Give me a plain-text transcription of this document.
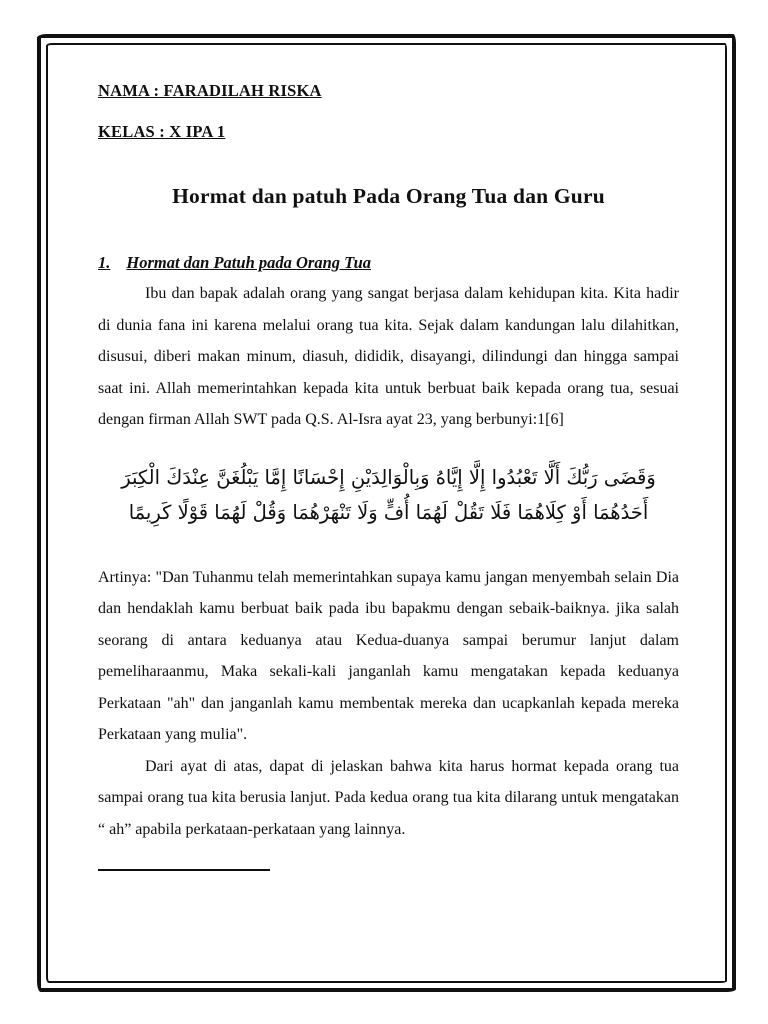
NAMA : FARADILAH RISKA

KELAS : X IPA 1

Hormat dan patuh Pada Orang Tua dan Guru
1. Hormat dan Patuh pada Orang Tua

Ibu dan bapak adalah orang yang sangat berjasa dalam kehidupan kita. Kita hadir di dunia fana ini karena melalui orang tua kita. Sejak dalam kandungan lalu dilahitkan, disusui, diberi makan minum, diasuh, dididik, disayangi, dilindungi dan hingga sampai saat ini. Allah memerintahkan kepada kita untuk berbuat baik kepada orang tua, sesuai dengan firman Allah SWT pada Q.S. Al-Isra ayat 23, yang berbunyi:1[6]

وَقَضَى رَبُّكَ أَلَّا تَعْبُدُوا إِلَّا إِيَّاهُ وَبِالْوَالِدَيْنِ إِحْسَانًا إِمَّا يَبْلُغَنَّ عِنْدَكَ الْكِبَرَ أَحَدُهُمَا أَوْ كِلَاهُمَا فَلَا تَقُلْ لَهُمَا أُفٍّ وَلَا تَنْهَرْهُمَا وَقُلْ لَهُمَا قَوْلًا كَرِيمًا

Artinya: "Dan Tuhanmu telah memerintahkan supaya kamu jangan menyembah selain Dia dan hendaklah kamu berbuat baik pada ibu bapakmu dengan sebaik-baiknya. jika salah seorang di antara keduanya atau Kedua-duanya sampai berumur lanjut dalam pemeliharaanmu, Maka sekali-kali janganlah kamu mengatakan kepada keduanya Perkataan "ah" dan janganlah kamu membentak mereka dan ucapkanlah kepada mereka Perkataan yang mulia".

Dari ayat di atas, dapat di jelaskan bahwa kita harus hormat kepada orang tua sampai orang tua kita berusia lanjut. Pada kedua orang tua kita dilarang untuk mengatakan “ ah” apabila perkataan-perkataan yang lainnya.
